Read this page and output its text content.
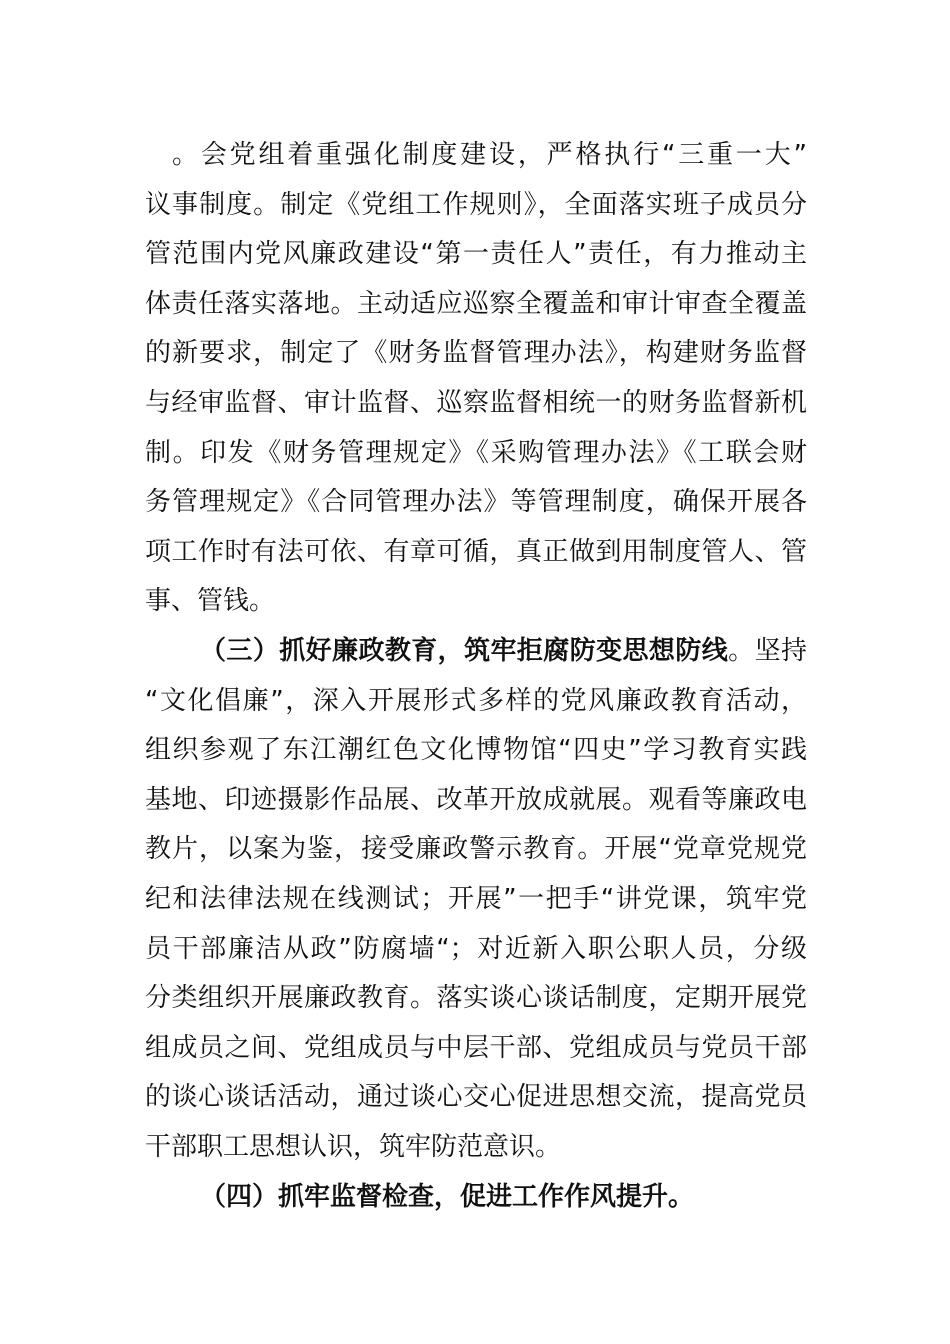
。会党组着重强化制度建设，严格执行“三重一大”
议事制度。制定《党组工作规则》，全面落实班子成员分
管范围内党风廉政建设“第一责任人”责任，有力推动主
体责任落实落地。主动适应巡察全覆盖和审计审查全覆盖
的新要求，制定了《财务监督管理办法》，构建财务监督
与经审监督、审计监督、巡察监督相统一的财务监督新机
制。印发《财务管理规定》《采购管理办法》《工联会财
务管理规定》《合同管理办法》等管理制度，确保开展各
项工作时有法可依、有章可循，真正做到用制度管人、管
事、管钱。
（三）抓好廉政教育，筑牢拒腐防变思想防线。坚持
“文化倡廉”，深入开展形式多样的党风廉政教育活动，
组织参观了东江潮红色文化博物馆“四史”学习教育实践
基地、印迹摄影作品展、改革开放成就展。观看等廉政电
教片，以案为鉴，接受廉政警示教育。开展“党章党规党
纪和法律法规在线测试；开展”一把手“讲党课，筑牢党
员干部廉洁从政”防腐墙“；对近新入职公职人员，分级
分类组织开展廉政教育。落实谈心谈话制度，定期开展党
组成员之间、党组成员与中层干部、党组成员与党员干部
的谈心谈话活动，通过谈心交心促进思想交流，提高党员
干部职工思想认识，筑牢防范意识。
（四）抓牢监督检查，促进工作作风提升。
